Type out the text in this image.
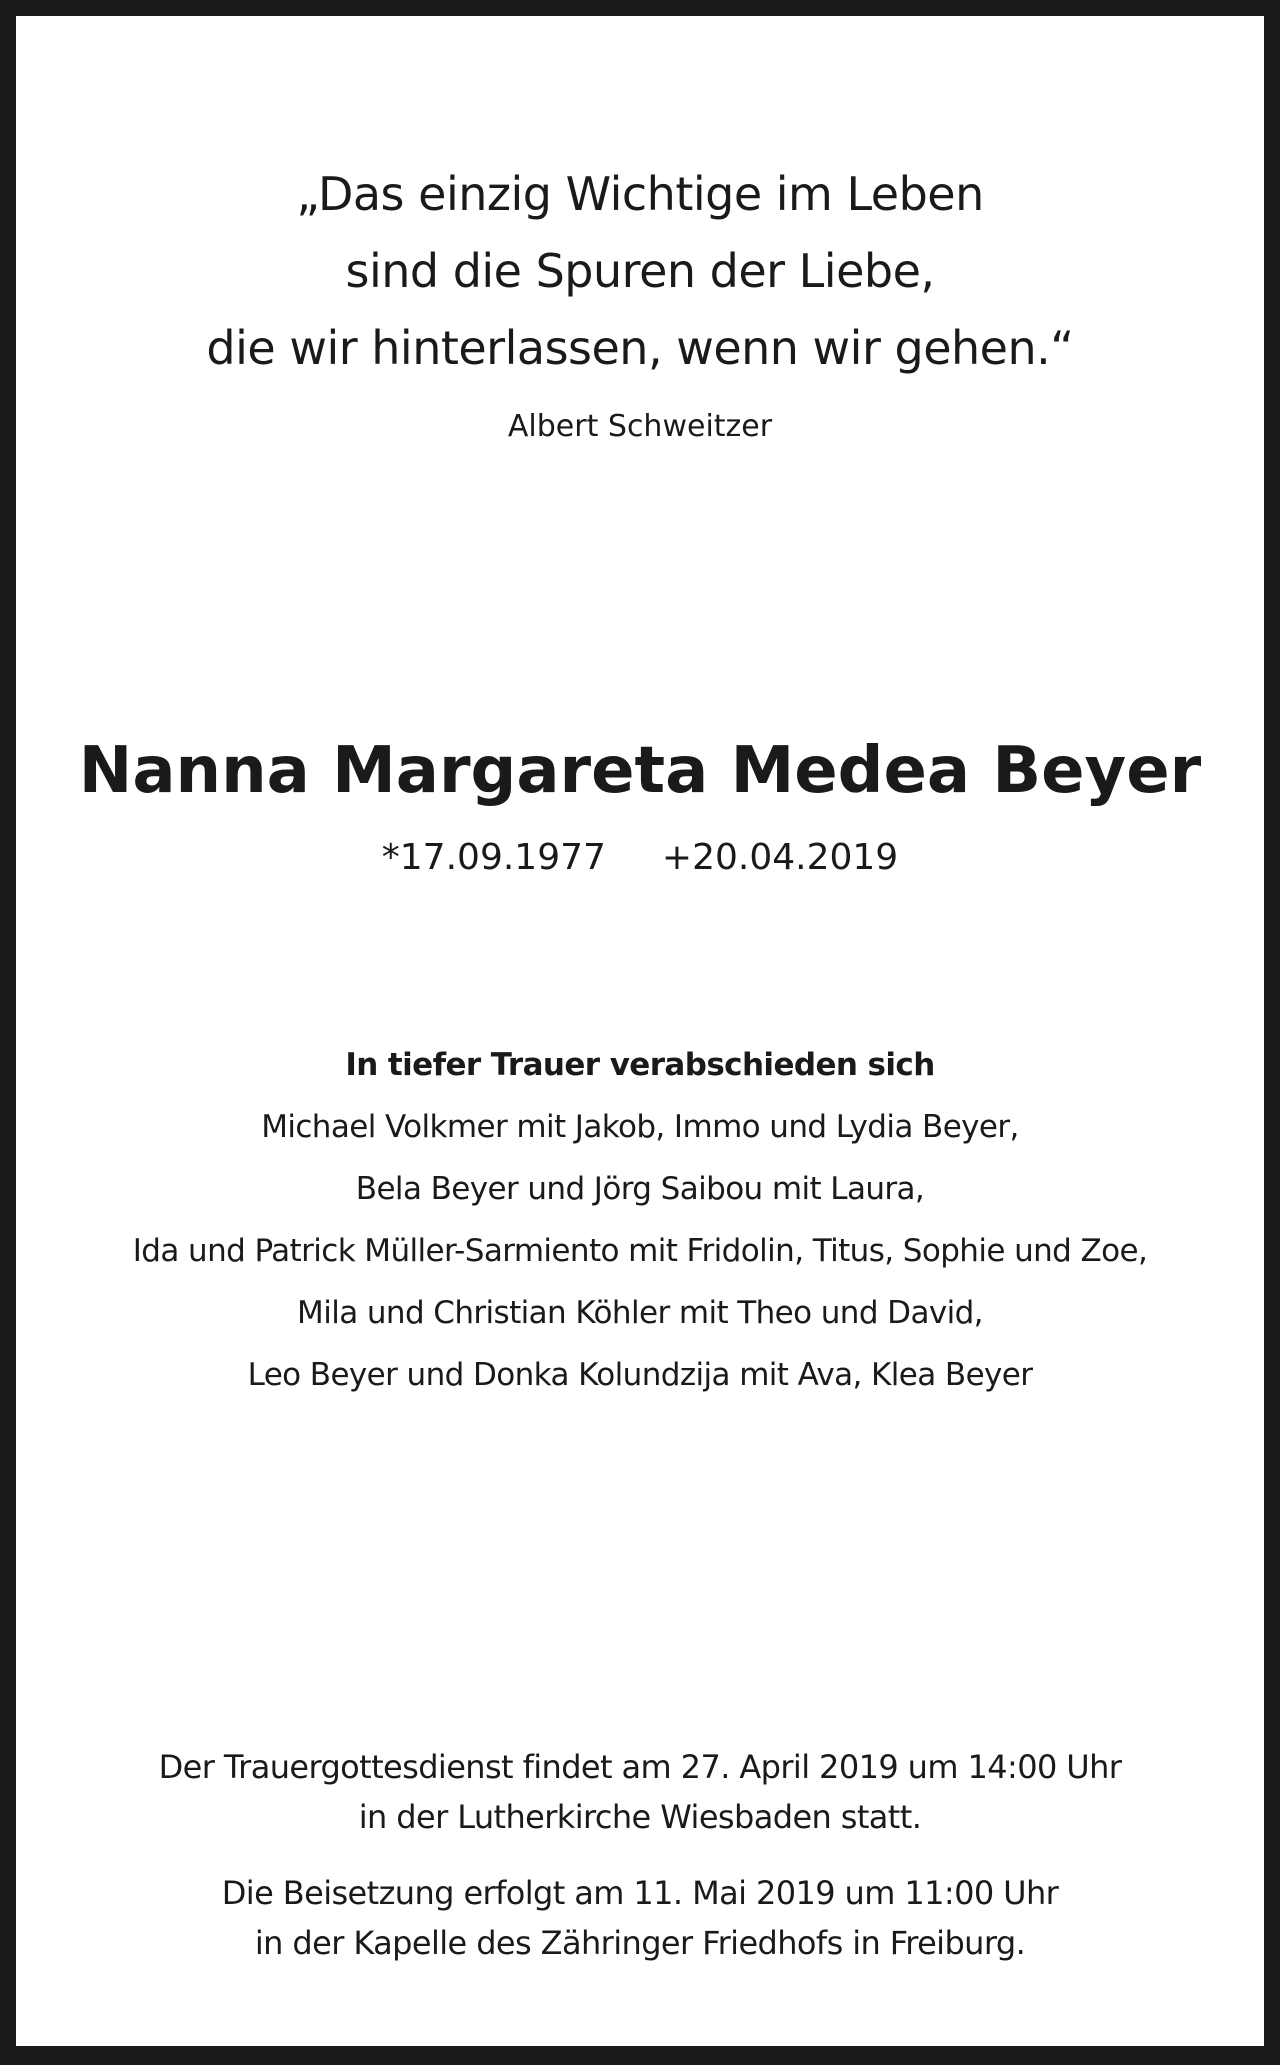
„Das einzig Wichtige im Leben
sind die Spuren der Liebe,
die wir hinterlassen, wenn wir gehen.“
Albert Schweitzer
Nanna Margareta Medea Beyer
*17.09.1977 +20.04.2019
In tiefer Trauer verabschieden sich
Michael Volkmer mit Jakob, Immo und Lydia Beyer,
Bela Beyer und Jörg Saibou mit Laura,
Ida und Patrick Müller-Sarmiento mit Fridolin, Titus, Sophie und Zoe,
Mila und Christian Köhler mit Theo und David,
Leo Beyer und Donka Kolundzija mit Ava, Klea Beyer
Der Trauergottesdienst findet am 27. April 2019 um 14:00 Uhr
in der Lutherkirche Wiesbaden statt.
Die Beisetzung erfolgt am 11. Mai 2019 um 11:00 Uhr
in der Kapelle des Zähringer Friedhofs in Freiburg.
